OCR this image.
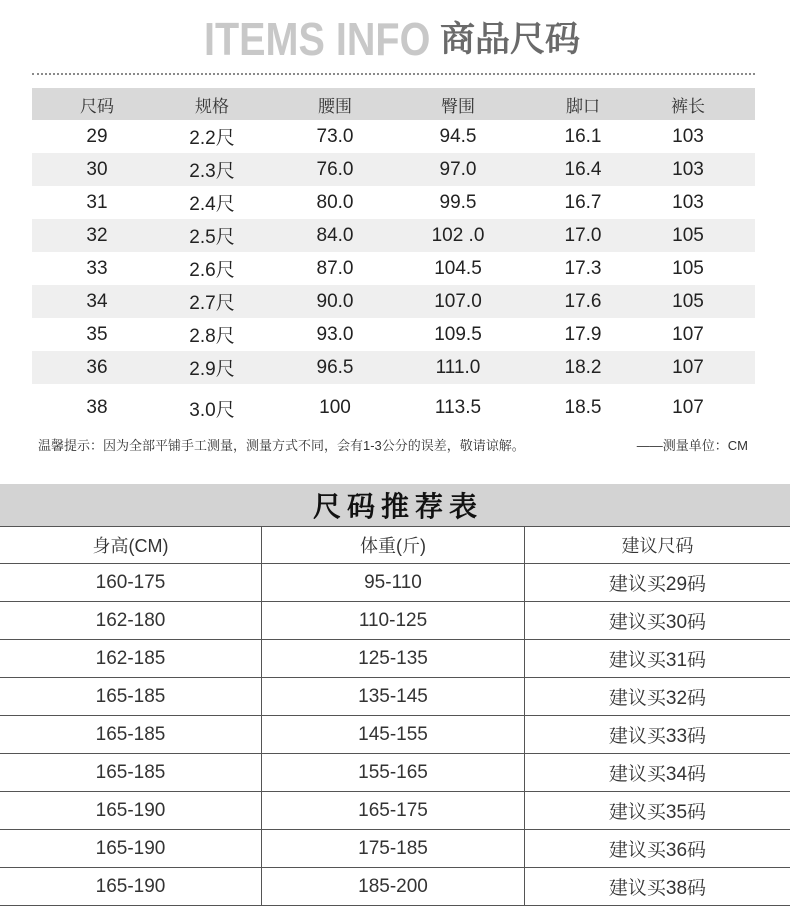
ITEMS INFO 商品尺码
尺码	规格	腰围	臀围	脚口	裤长
29	2.2尺	73.0	94.5	16.1	103
30	2.3尺	76.0	97.0	16.4	103
31	2.4尺	80.0	99.5	16.7	103
32	2.5尺	84.0	102 .0	17.0	105
33	2.6尺	87.0	104.5	17.3	105
34	2.7尺	90.0	107.0	17.6	105
35	2.8尺	93.0	109.5	17.9	107
36	2.9尺	96.5	111.0	18.2	107
38	3.0尺	100	113.5	18.5	107
温馨提示：因为全部平铺手工测量，测量方式不同，会有1-3公分的误差，敬请谅解。	——测量单位：CM
尺码推荐表
身高(CM)	体重(斤)	建议尺码
160-175	95-110	建议买29码
162-180	110-125	建议买30码
162-185	125-135	建议买31码
165-185	135-145	建议买32码
165-185	145-155	建议买33码
165-185	155-165	建议买34码
165-190	165-175	建议买35码
165-190	175-185	建议买36码
165-190	185-200	建议买38码
